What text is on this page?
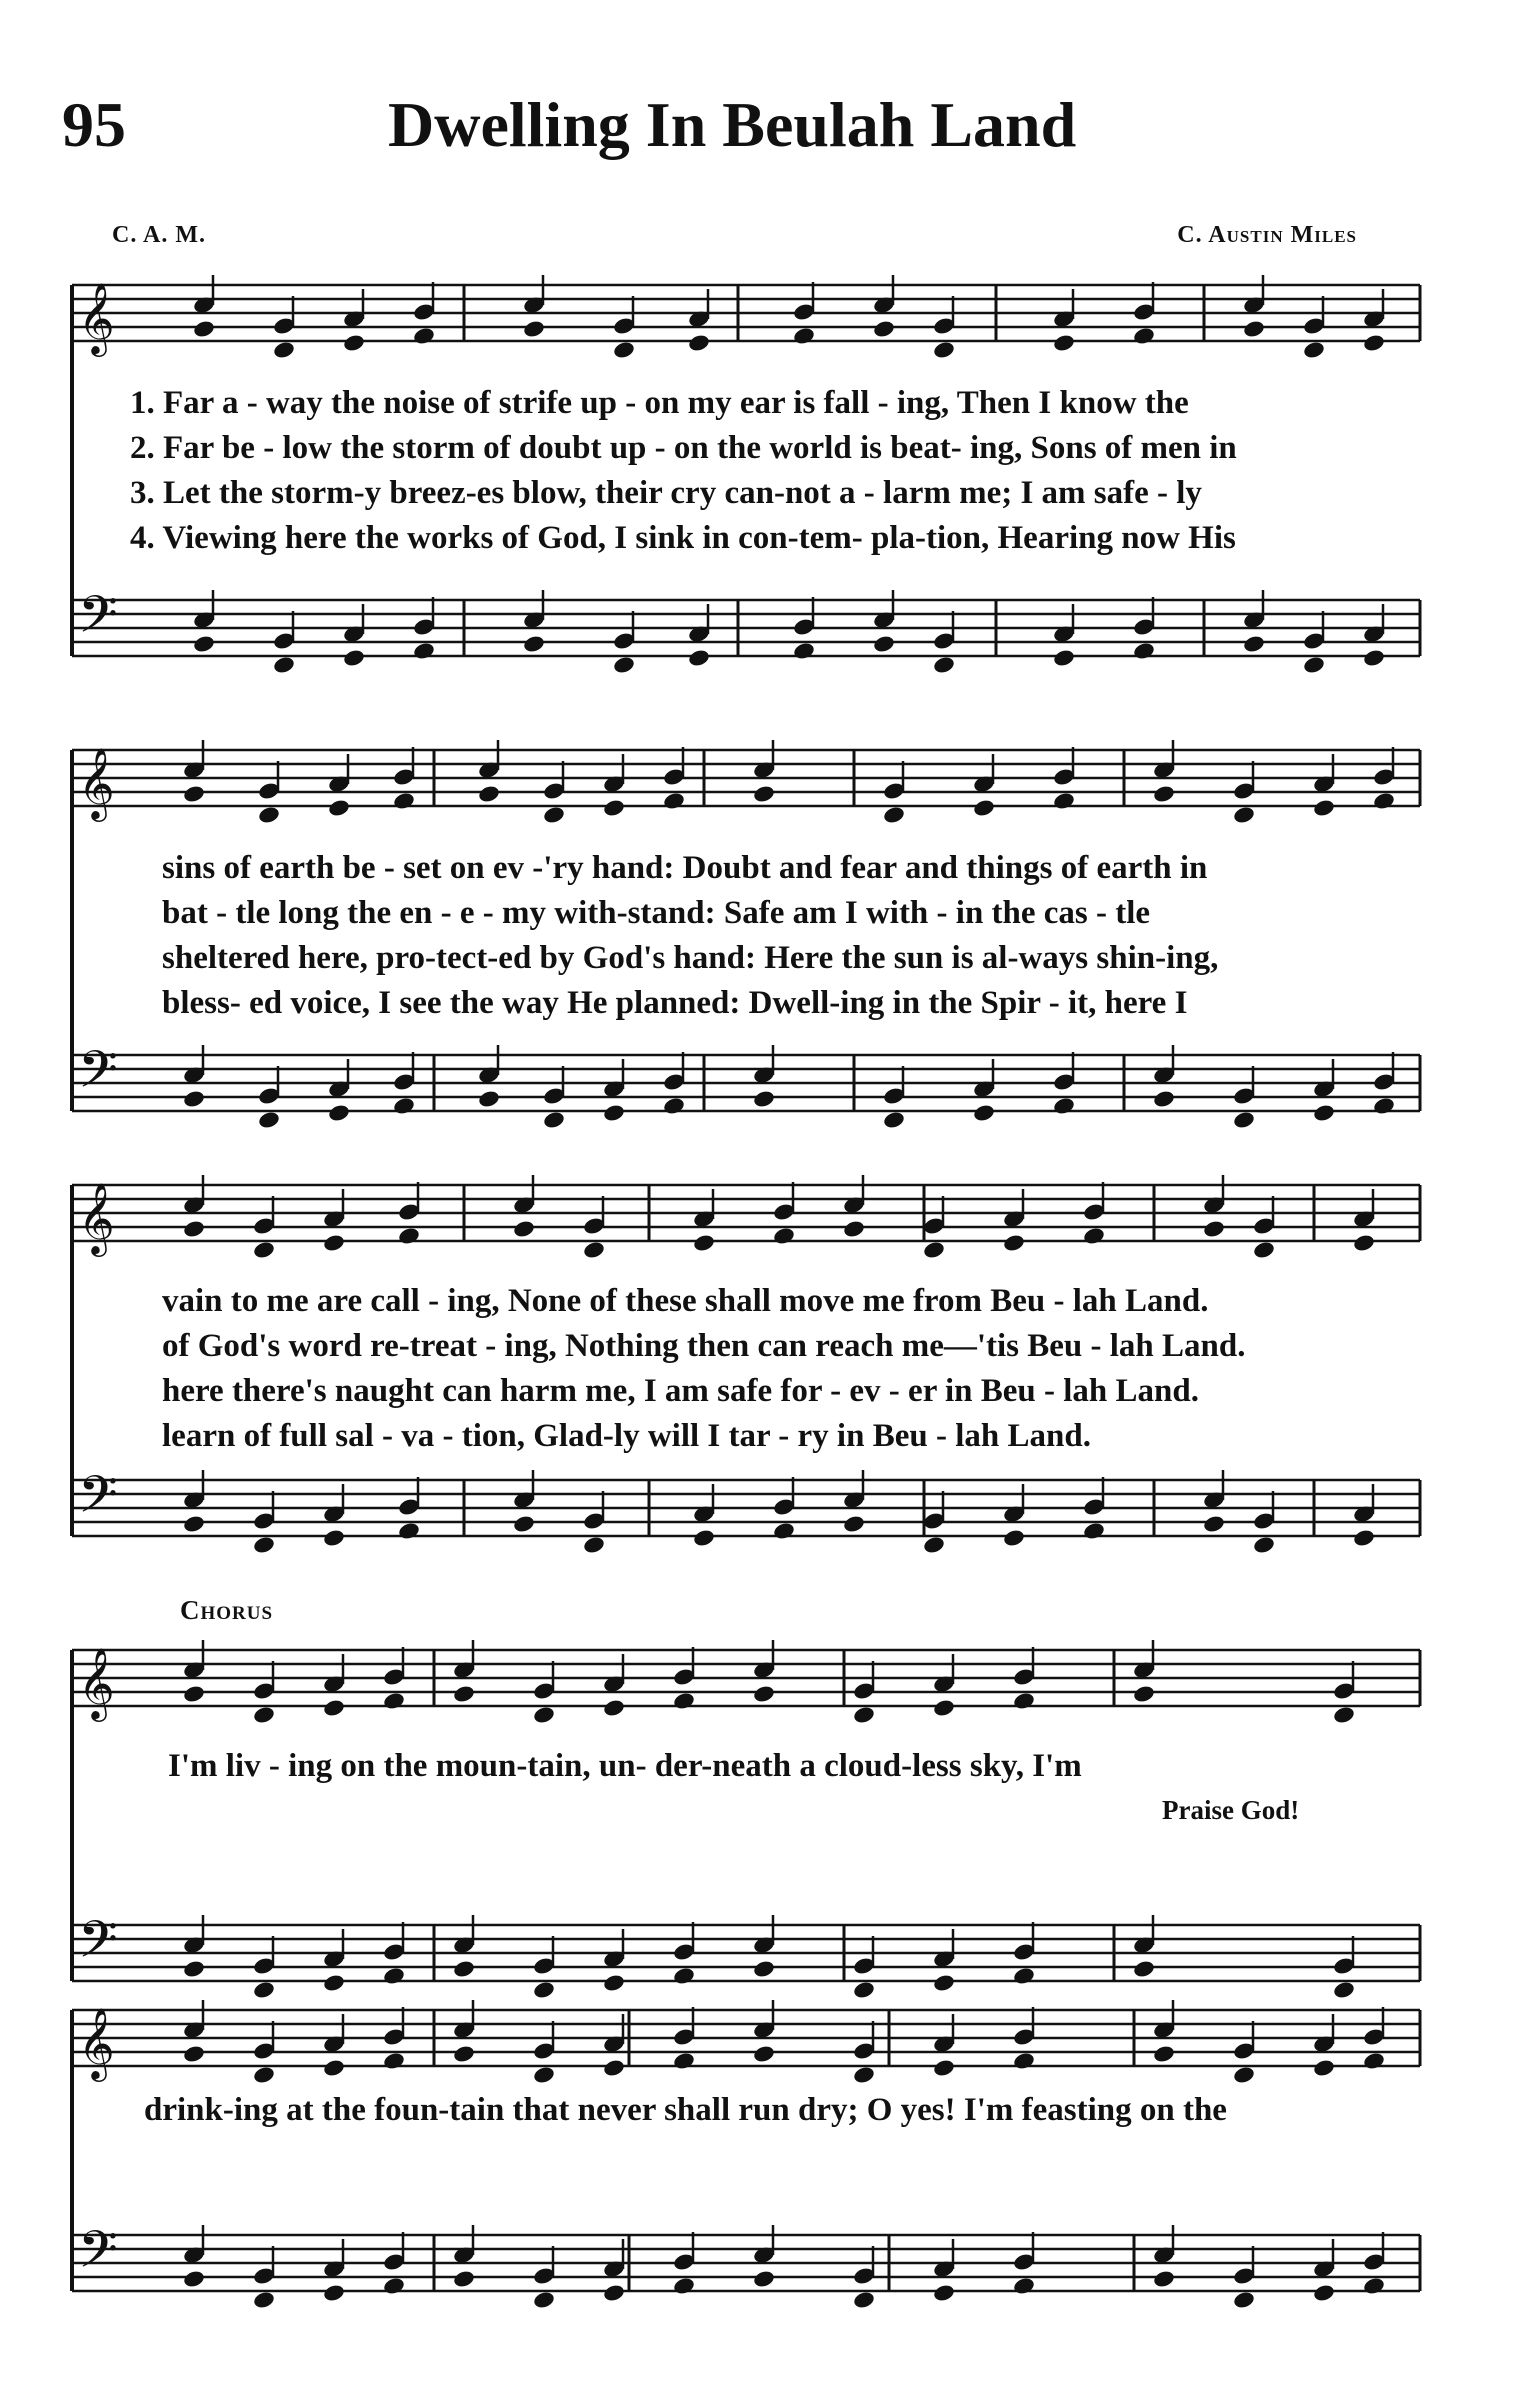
95	Dwelling In Beulah Land
C. A. M.	C. Austin Miles
𝄞
𝄢
𝄞
𝄢
𝄞
𝄢
𝄞
𝄢
𝄞
𝄢
1. Far a - way the noise of strife up - on my ear is fall - ing, Then I know the
2. Far be - low the storm of doubt up - on the world is beat- ing, Sons of men in
3. Let the storm-y breez-es blow, their cry can-not a - larm me; I am safe - ly
4. Viewing here the works of God, I sink in con-tem- pla-tion, Hearing now His
sins of earth be - set on ev -'ry hand: Doubt and fear and things of earth in
bat - tle long the en - e - my with-stand: Safe am I with - in the cas - tle
sheltered here, pro-tect-ed by God's hand: Here the sun is al-ways shin-ing,
bless- ed voice, I see the way He planned: Dwell-ing in the Spir - it, here I
vain to me are call - ing, None of these shall move me from Beu - lah Land.
of God's word re-treat - ing, Nothing then can reach me—'tis Beu - lah Land.
here there's naught can harm me, I am safe for - ev - er in Beu - lah Land.
learn of full sal - va - tion, Glad-ly will I tar - ry in Beu - lah Land.
Chorus
I'm liv - ing on the moun-tain, un- der-neath a cloud-less sky, I'm
Praise God!
drink-ing at the foun-tain that never shall run dry; O yes! I'm feasting on the
